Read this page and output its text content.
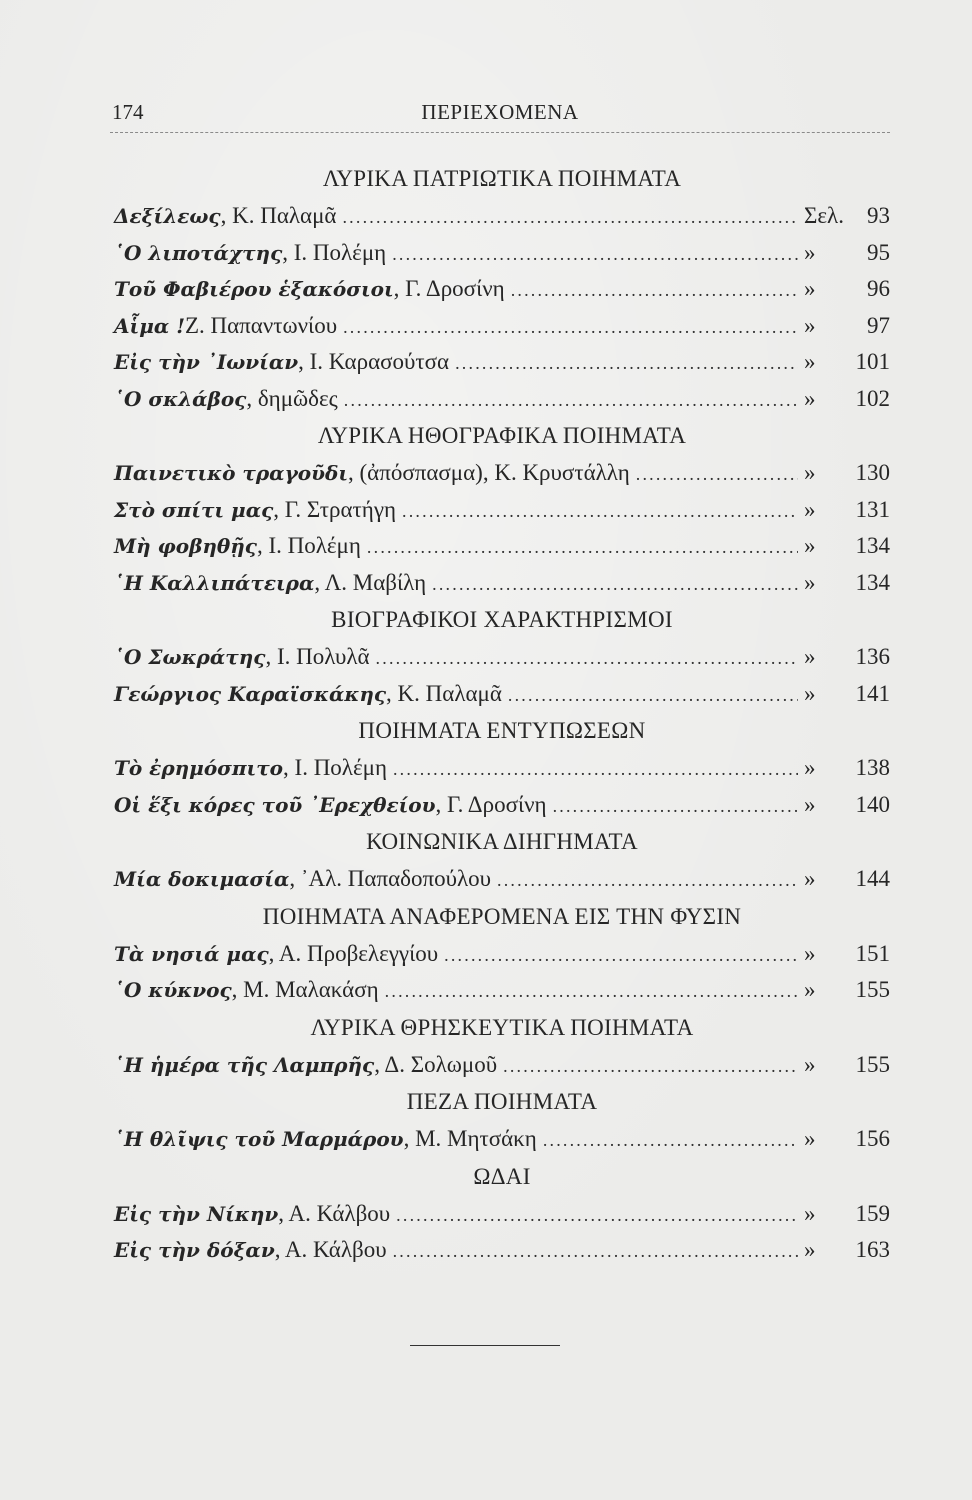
174	ΠΕΡΙΕΧΟΜΕΝΑ
ΛΥΡΙΚΑ ΠΑΤΡΙΩΤΙΚΑ ΠΟΙΗΜΑΤΑ
Δεξίλεως , Κ. Παλαμᾶ .....	Σελ.	93
῾Ο λιποτάχτης , Ι. Πολέμη .....	»	95
Τοῦ Φαβιέρου ἑξακόσιοι , Γ. Δροσίνη .....	»	96
Αἷμα ! Ζ. Παπαντωνίου .....	»	97
Εἰς τὴν ᾿Ιωνίαν , Ι. Καρασούτσα .....	»	101
῾Ο σκλάβος , δημῶδες .....	»	102
ΛΥΡΙΚΑ ΗΘΟΓΡΑΦΙΚΑ ΠΟΙΗΜΑΤΑ
Παινετικὸ τραγοῦδι , (ἀπόσπασμα), Κ. Κρυστάλλη .....	»	130
Στὸ σπίτι μας , Γ. Στρατήγη .....	»	131
Μὴ φοβηθῇς , Ι. Πολέμη .....	»	134
῾Η Καλλιπάτειρα , Λ. Μαβίλη .....	»	134
ΒΙΟΓΡΑΦΙΚΟΙ ΧΑΡΑΚΤΗΡΙΣΜΟΙ
῾Ο Σωκράτης , Ι. Πολυλᾶ .....	»	136
Γεώργιος Καραϊσκάκης , Κ. Παλαμᾶ .....	»	141
ΠΟΙΗΜΑΤΑ ΕΝΤΥΠΩΣΕΩΝ
Τὸ ἐρημόσπιτο , Ι. Πολέμη .....	»	138
Οἱ ἕξι κόρες τοῦ ᾿Ερεχθείου , Γ. Δροσίνη .....	»	140
ΚΟΙΝΩΝΙΚΑ ΔΙΗΓΗΜΑΤΑ
Μία δοκιμασία , ᾿Αλ. Παπαδοπούλου .....	»	144
ΠΟΙΗΜΑΤΑ ΑΝΑΦΕΡΟΜΕΝΑ ΕΙΣ ΤΗΝ ΦΥΣΙΝ
Τὰ νησιά μας , Α. Προβελεγγίου .....	»	151
῾Ο κύκνος , Μ. Μαλακάση .....	»	155
ΛΥΡΙΚΑ ΘΡΗΣΚΕΥΤΙΚΑ ΠΟΙΗΜΑΤΑ
῾Η ἡμέρα τῆς Λαμπρῆς , Δ. Σολωμοῦ .....	»	155
ΠΕΖΑ ΠΟΙΗΜΑΤΑ
῾Η θλῖψις τοῦ Μαρμάρου , Μ. Μητσάκη .....	»	156
ΩΔΑΙ
Εἰς τὴν Νίκην , Α. Κάλβου .....	»	159
Εἰς τὴν δόξαν , Α. Κάλβου .....	»	163
